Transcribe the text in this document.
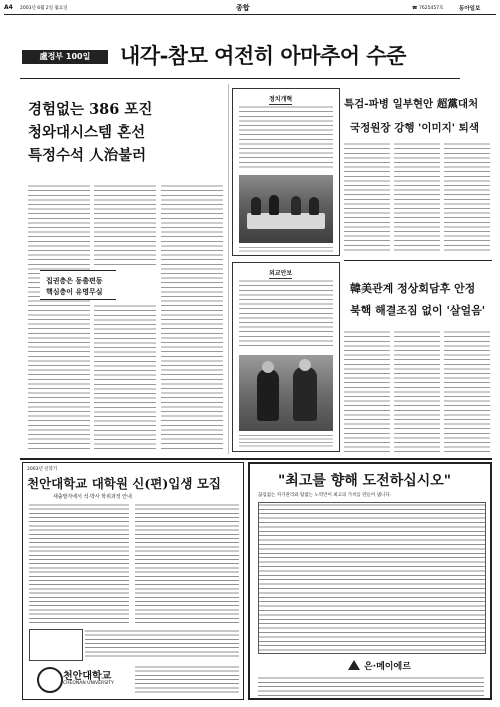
A4 2003년 6월 2일 월요일	종합	☎ 7625457호	동아일보
盧정부 100일	내각-참모 여전히 아마추어 수준
경험없는 386 포진
청와대시스템 혼선
특정수석 人治불러

집권층은 동출편동
핵심층이 유명무실
정치개혁	특검-파병 일부현안 超黨대처
국정원장 강행 '이미지' 퇴색
외교안보
韓美관계 정상회담후 안정
북핵 해결조짐 없이 '살얼음'
2003년 신학기
천안대학교 대학원 신(편)입생 모집
새출발자에서 석·박사 학위과정 안내
천안대학교
CHEONAN UNIVERSITY
"최고를 향해 도전하십시오"
끊임없는 자기관리와 땀없는 노력만이 최고의 가치를 만들어 냅니다.
은·메이에르
